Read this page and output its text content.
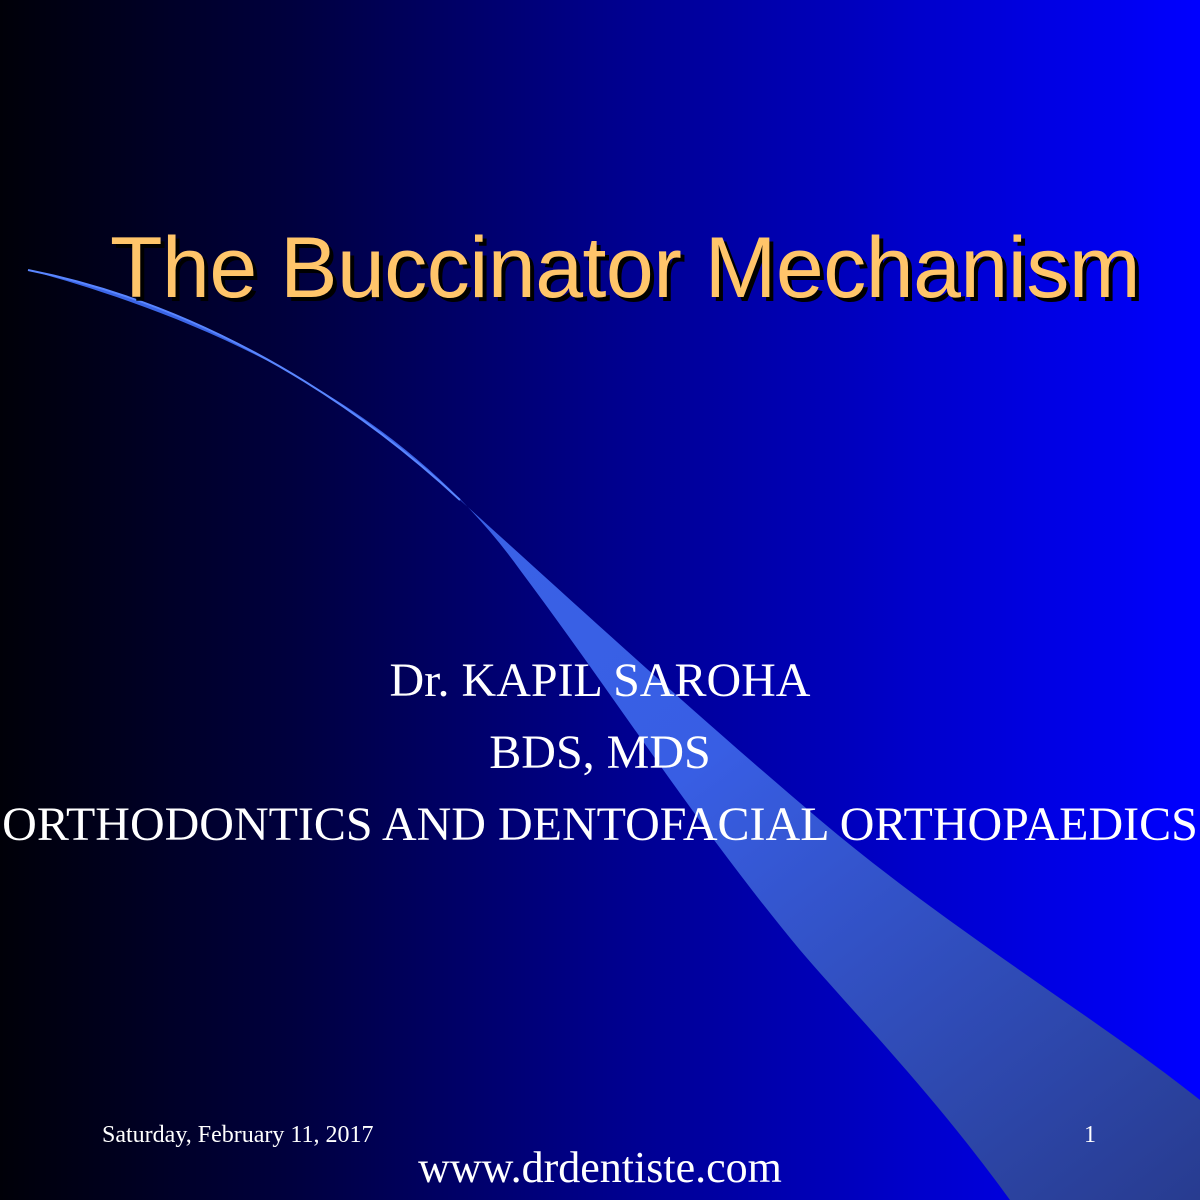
The Buccinator Mechanism
Dr. KAPIL SAROHA
BDS, MDS
ORTHODONTICS AND DENTOFACIAL ORTHOPAEDICS
Saturday, February 11, 2017	1
www.drdentiste.com
